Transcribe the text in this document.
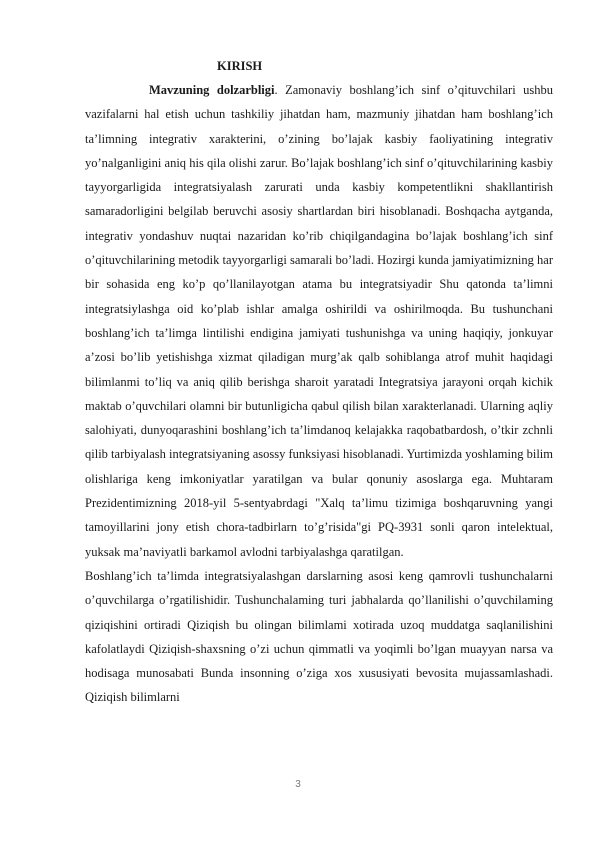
KIRISH

Mavzuning dolzarbligi. Zamonaviy boshlang’ich sinf o’qituvchilari ushbu vazifalarni hal etish uchun tashkiliy jihatdan ham, mazmuniy jihatdan ham boshlang’ich ta’limning integrativ xarakterini, o’zining bo’lajak kasbiy faoliyatining integrativ yo’nalganligini aniq his qila olishi zarur. Bo’lajak boshlang’ich sinf o’qituvchilarining kasbiy tayyorgarligida integratsiyalash zarurati unda kasbiy kompetentlikni shakllantirish samaradorligini belgilab beruvchi asosiy shartlardan biri hisoblanadi. Boshqacha aytganda, integrativ yondashuv nuqtai nazaridan ko’rib chiqilgandagina bo’lajak boshlang’ich sinf o’qituvchilarining metodik tayyorgarligi samarali bo’ladi. Hozirgi kunda jamiyatimizning har bir sohasida eng ko’p qo’llanilayotgan atama bu integratsiyadir Shu qatonda ta’limni integratsiylashga oid ko’plab ishlar amalga oshirildi va oshirilmoqda. Bu tushunchani boshlang’ich ta’limga lintilishi endigina jamiyati tushunishga va uning haqiqiy, jonkuyar a’zosi bo’lib yetishishga xizmat qiladigan murg’ak qalb sohiblanga atrof muhit haqidagi bilimlanmi to’liq va aniq qilib berishga sharoit yaratadi Integratsiya jarayoni orqah kichik maktab o’quvchilari olamni bir butunligicha qabul qilish bilan xarakterlanadi. Ularning aqliy salohiyati, dunyoqarashini boshlang’ich ta’limdanoq kelajakka raqobatbardosh, o’tkir zchnli qilib tarbiyalash integratsiyaning asossy funksiyasi hisoblanadi. Yurtimizda yoshlaming bilim olishlariga keng imkoniyatlar yaratilgan va bular qonuniy asoslarga ega. Muhtaram Prezidentimizning 2018-yil 5-sentyabrdagi "Xalq ta’limu tizimiga boshqaruvning yangi tamoyillarini jony etish chora-tadbirlarn to’g’risida"gi PQ-3931 sonli qaron intelektual, yuksak ma’naviyatli barkamol avlodni tarbiyalashga qaratilgan.

Boshlang’ich ta’limda integratsiyalashgan darslarning asosi keng qamrovli tushunchalarni o’quvchilarga o’rgatilishidir. Tushunchalaming turi jabhalarda qo’llanilishi o’quvchilaming qiziqishini ortiradi Qiziqish bu olingan bilimlami xotirada uzoq muddatga saqlanilishini kafolatlaydi Qiziqish-shaxsning o’zi uchun qimmatli va yoqimli bo’lgan muayyan narsa va hodisaga munosabati Bunda insonning o’ziga xos xususiyati bevosita mujassamlashadi. Qiziqish bilimlarni

3
